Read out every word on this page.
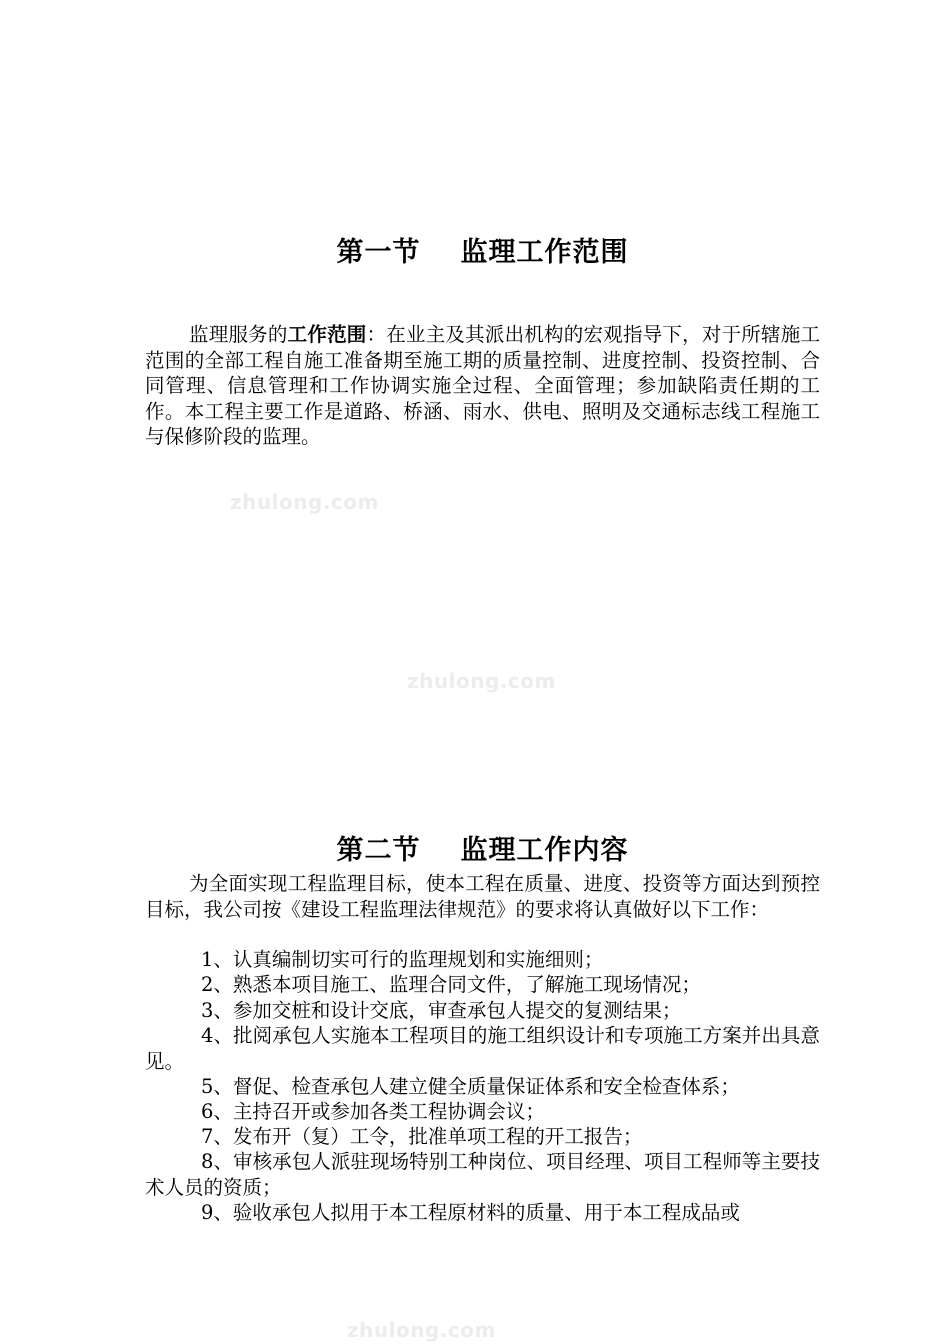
zhulong.com
zhulong.com
zhulong.com
第一节 监理工作范围
监理服务的工作范围：在业主及其派出机构的宏观指导下，对于所辖施工范围的全部工程自施工准备期至施工期的质量控制、进度控制、投资控制、合同管理、信息管理和工作协调实施全过程、全面管理；参加缺陷责任期的工作。本工程主要工作是道路、桥涵、雨水、供电、照明及交通标志线工程施工与保修阶段的监理。
第二节 监理工作内容
为全面实现工程监理目标，使本工程在质量、进度、投资等方面达到预控目标，我公司按《建设工程监理法律规范》的要求将认真做好以下工作：
1、认真编制切实可行的监理规划和实施细则；
2、熟悉本项目施工、监理合同文件，了解施工现场情况；
3、参加交桩和设计交底，审查承包人提交的复测结果；
4、批阅承包人实施本工程项目的施工组织设计和专项施工方案并出具意见。
5、督促、检查承包人建立健全质量保证体系和安全检查体系；
6、主持召开或参加各类工程协调会议；
7、发布开（复）工令，批准单项工程的开工报告；
8、审核承包人派驻现场特别工种岗位、项目经理、项目工程师等主要技术人员的资质；
9、验收承包人拟用于本工程原材料的质量、用于本工程成品或
